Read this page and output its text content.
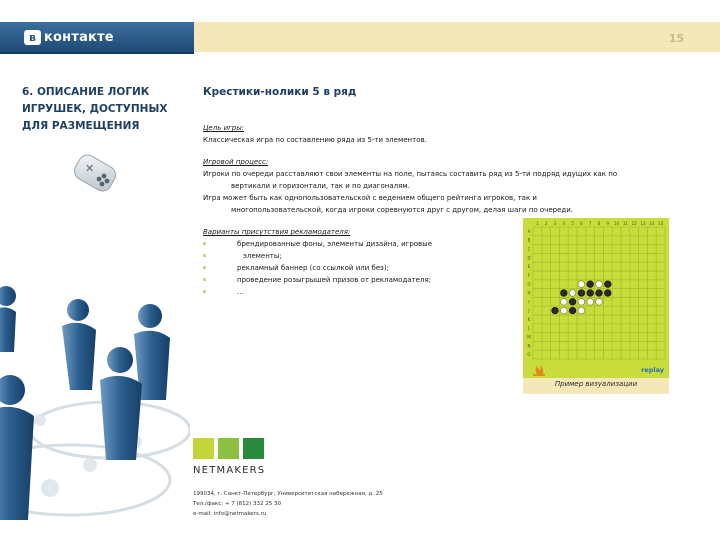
в контакте	15
6. ОПИСАНИЕ ЛОГИК
ИГРУШЕК, ДОСТУПНЫХ
ДЛЯ РАЗМЕЩЕНИЯ
✕
Крестики-нолики 5 в ряд

Цель игры:

Классическая игра по составлению ряда из 5-ти элементов.

Игровой процесс:

Игроки по очереди расставляют свои элементы на поле, пытаясь составить ряд из 5-ти подряд идущих как по

вертикали и горизонтали, так и по диагоналям.

Игра может быть как однопользовательской с ведением общего рейтинга игроков, так и

многопользовательской, когда игроки соревнуются друг с другом, делая шаги по очереди.

Варианты присутствия рекламодателя:

брендированные фоны, элементы дизайна, игровые
элементы;
рекламный баннер (со ссылкой или без);
проведение розыгрышей призов от рекламодателя;
…
1 2 3 4 5 6 7 8 9 10 11 12 13 14 15
A
B
C
D
E
F
G
H
I
J
K
L
M
N
O
replay
Пример визуализации
NETMAKERS
199034, г. Санкт-Петербург, Университетская набережная, д. 25
Тел./факс: + 7 (812) 332 25 30
e-mail: info@netmakers.ru
